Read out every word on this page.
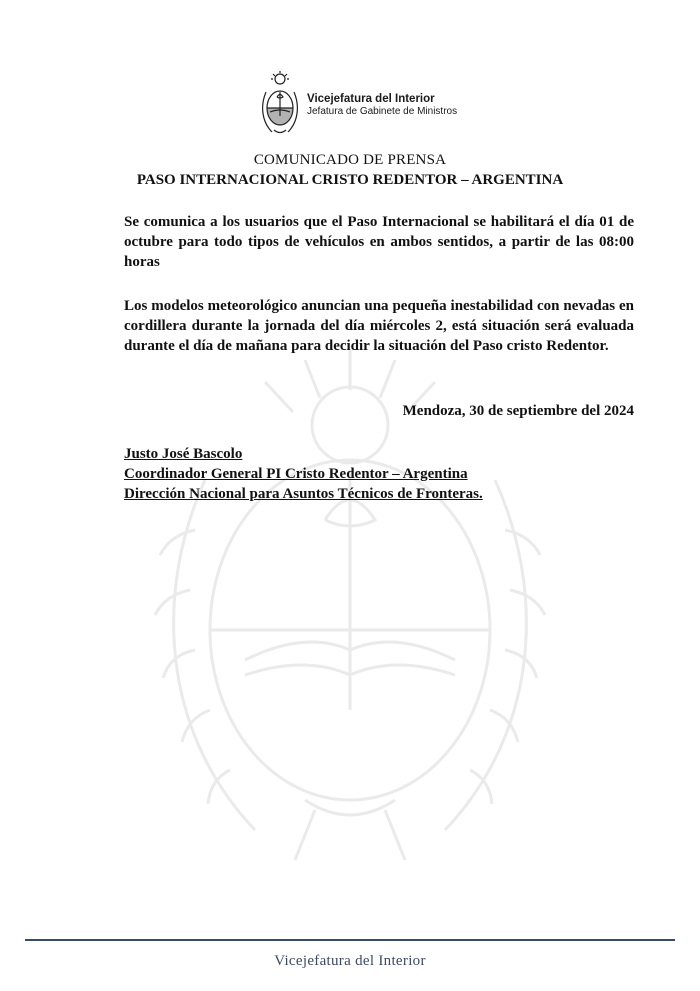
Vicejefatura del Interior
Jefatura de Gabinete de Ministros
COMUNICADO DE PRENSA
PASO INTERNACIONAL CRISTO REDENTOR – ARGENTINA
Se comunica a los usuarios que el Paso Internacional se habilitará el día 01 de octubre para todo tipos de vehículos en ambos sentidos, a partir de las 08:00 horas
Los modelos meteorológico anuncian una pequeña inestabilidad con nevadas en cordillera durante la jornada del día miércoles 2, está situación será evaluada durante el día de mañana para decidir la situación del Paso cristo Redentor.
Mendoza, 30 de septiembre del 2024
Justo José Bascolo
Coordinador General PI Cristo Redentor – Argentina
Dirección Nacional para Asuntos Técnicos de Fronteras.
Vicejefatura del Interior
